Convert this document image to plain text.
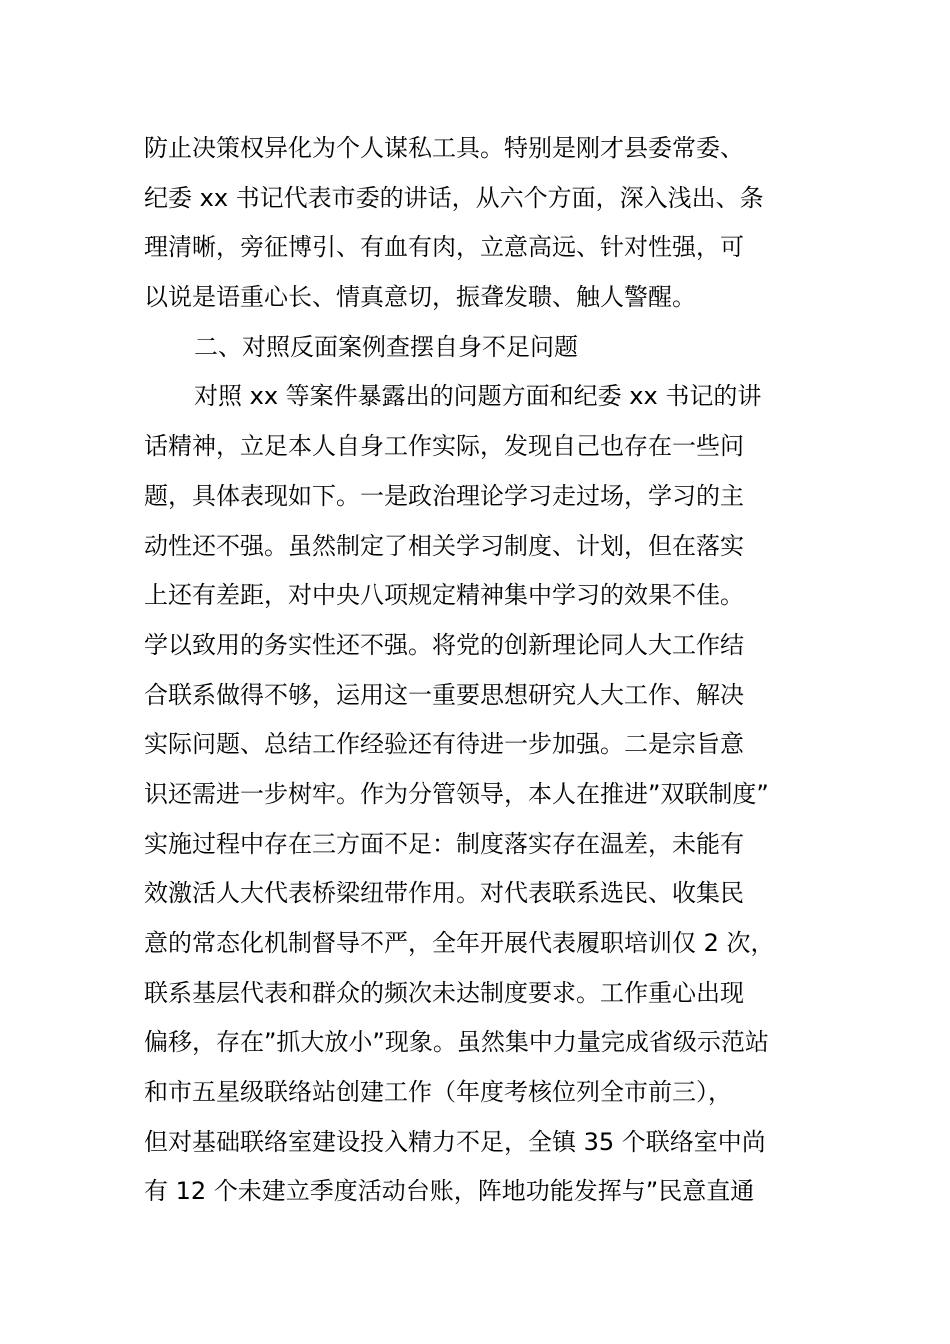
防止决策权异化为个人谋私工具。特别是刚才县委常委、
纪委 xx 书记代表市委的讲话，从六个方面，深入浅出、条
理清晰，旁征博引、有血有肉，立意高远、针对性强，可
以说是语重心长、情真意切，振聋发聩、触人警醒。
二、对照反面案例查摆自身不足问题
对照 xx 等案件暴露出的问题方面和纪委 xx 书记的讲
话精神，立足本人自身工作实际，发现自己也存在一些问
题，具体表现如下。一是政治理论学习走过场，学习的主
动性还不强。虽然制定了相关学习制度、计划，但在落实
上还有差距，对中央八项规定精神集中学习的效果不佳。
学以致用的务实性还不强。将党的创新理论同人大工作结
合联系做得不够，运用这一重要思想研究人大工作、解决
实际问题、总结工作经验还有待进一步加强。二是宗旨意
识还需进一步树牢。作为分管领导，本人在推进”双联制度”
实施过程中存在三方面不足：制度落实存在温差，未能有
效激活人大代表桥梁纽带作用。对代表联系选民、收集民
意的常态化机制督导不严，全年开展代表履职培训仅 2 次，
联系基层代表和群众的频次未达制度要求。工作重心出现
偏移，存在”抓大放小”现象。虽然集中力量完成省级示范站
和市五星级联络站创建工作（年度考核位列全市前三），
但对基础联络室建设投入精力不足，全镇 35 个联络室中尚
有 12 个未建立季度活动台账，阵地功能发挥与”民意直通
